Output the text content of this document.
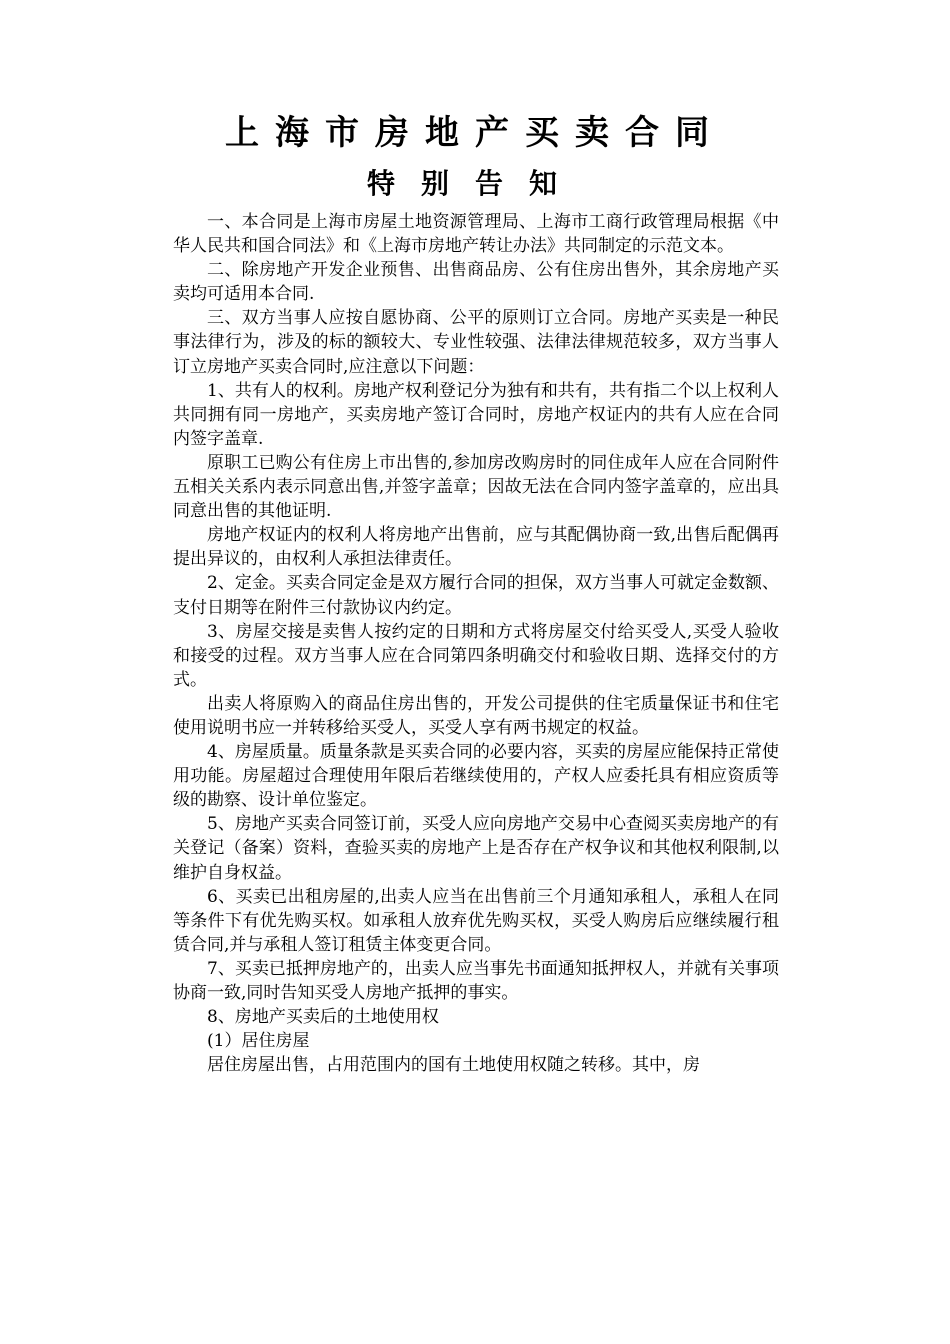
上海市房地产买卖合同
特别告知

一、本合同是上海市房屋土地资源管理局、上海市工商行政管理局根据《中华人民共和国合同法》和《上海市房地产转让办法》共同制定的示范文本。

二、除房地产开发企业预售、出售商品房、公有住房出售外，其余房地产买卖均可适用本合同.

三、双方当事人应按自愿协商、公平的原则订立合同。房地产买卖是一种民事法律行为，涉及的标的额较大、专业性较强、法律法律规范较多，双方当事人订立房地产买卖合同时,应注意以下问题：

1、共有人的权利。房地产权利登记分为独有和共有，共有指二个以上权利人共同拥有同一房地产，买卖房地产签订合同时，房地产权证内的共有人应在合同内签字盖章.

原职工已购公有住房上市出售的,参加房改购房时的同住成年人应在合同附件五相关关系内表示同意出售,并签字盖章；因故无法在合同内签字盖章的，应出具同意出售的其他证明.

房地产权证内的权利人将房地产出售前，应与其配偶协商一致,出售后配偶再提出异议的，由权利人承担法律责任。

2、定金。买卖合同定金是双方履行合同的担保，双方当事人可就定金数额、支付日期等在附件三付款协议内约定。

3、房屋交接是卖售人按约定的日期和方式将房屋交付给买受人,买受人验收和接受的过程。双方当事人应在合同第四条明确交付和验收日期、选择交付的方式。

出卖人将原购入的商品住房出售的，开发公司提供的住宅质量保证书和住宅使用说明书应一并转移给买受人，买受人享有两书规定的权益。

4、房屋质量。质量条款是买卖合同的必要内容，买卖的房屋应能保持正常使用功能。房屋超过合理使用年限后若继续使用的，产权人应委托具有相应资质等级的勘察、设计单位鉴定。

5、房地产买卖合同签订前，买受人应向房地产交易中心查阅买卖房地产的有关登记（备案）资料，查验买卖的房地产上是否存在产权争议和其他权利限制,以维护自身权益。

6、买卖已出租房屋的,出卖人应当在出售前三个月通知承租人，承租人在同等条件下有优先购买权。如承租人放弃优先购买权，买受人购房后应继续履行租赁合同,并与承租人签订租赁主体变更合同。

7、买卖已抵押房地产的，出卖人应当事先书面通知抵押权人，并就有关事项协商一致,同时告知买受人房地产抵押的事实。

8、房地产买卖后的土地使用权

(1）居住房屋

居住房屋出售，占用范围内的国有土地使用权随之转移。其中，房
